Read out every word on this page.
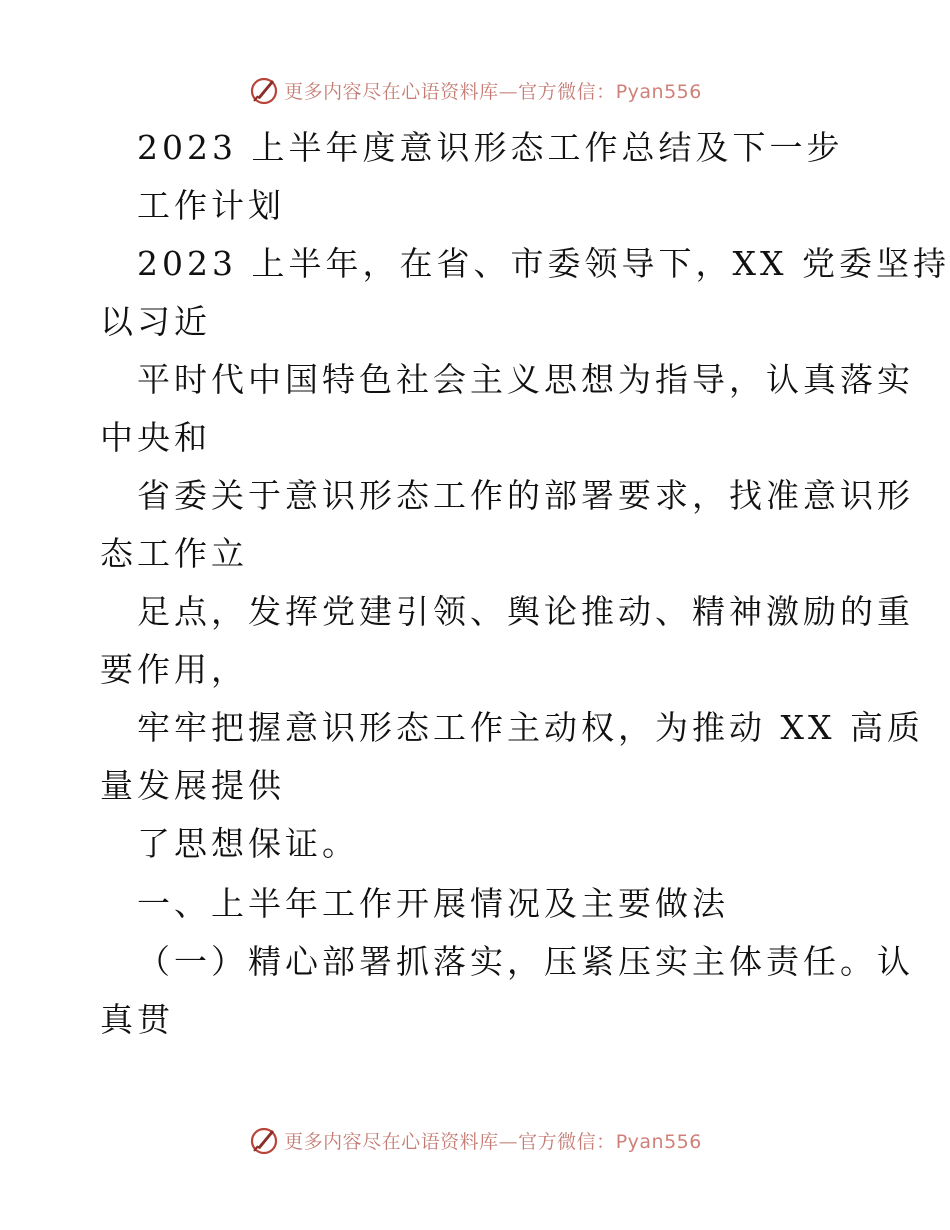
更多内容尽在心语资料库—官方微信：Pyan556
2023 上半年度意识形态工作总结及下一步
工作计划
2023 上半年，在省、市委领导下，XX 党委坚持
以习近
平时代中国特色社会主义思想为指导，认真落实
中央和
省委关于意识形态工作的部署要求，找准意识形
态工作立
足点，发挥党建引领、舆论推动、精神激励的重
要作用，
牢牢把握意识形态工作主动权，为推动 XX 高质
量发展提供
了思想保证。
一、上半年工作开展情况及主要做法
（一）精心部署抓落实，压紧压实主体责任。认
真贯
更多内容尽在心语资料库—官方微信：Pyan556
